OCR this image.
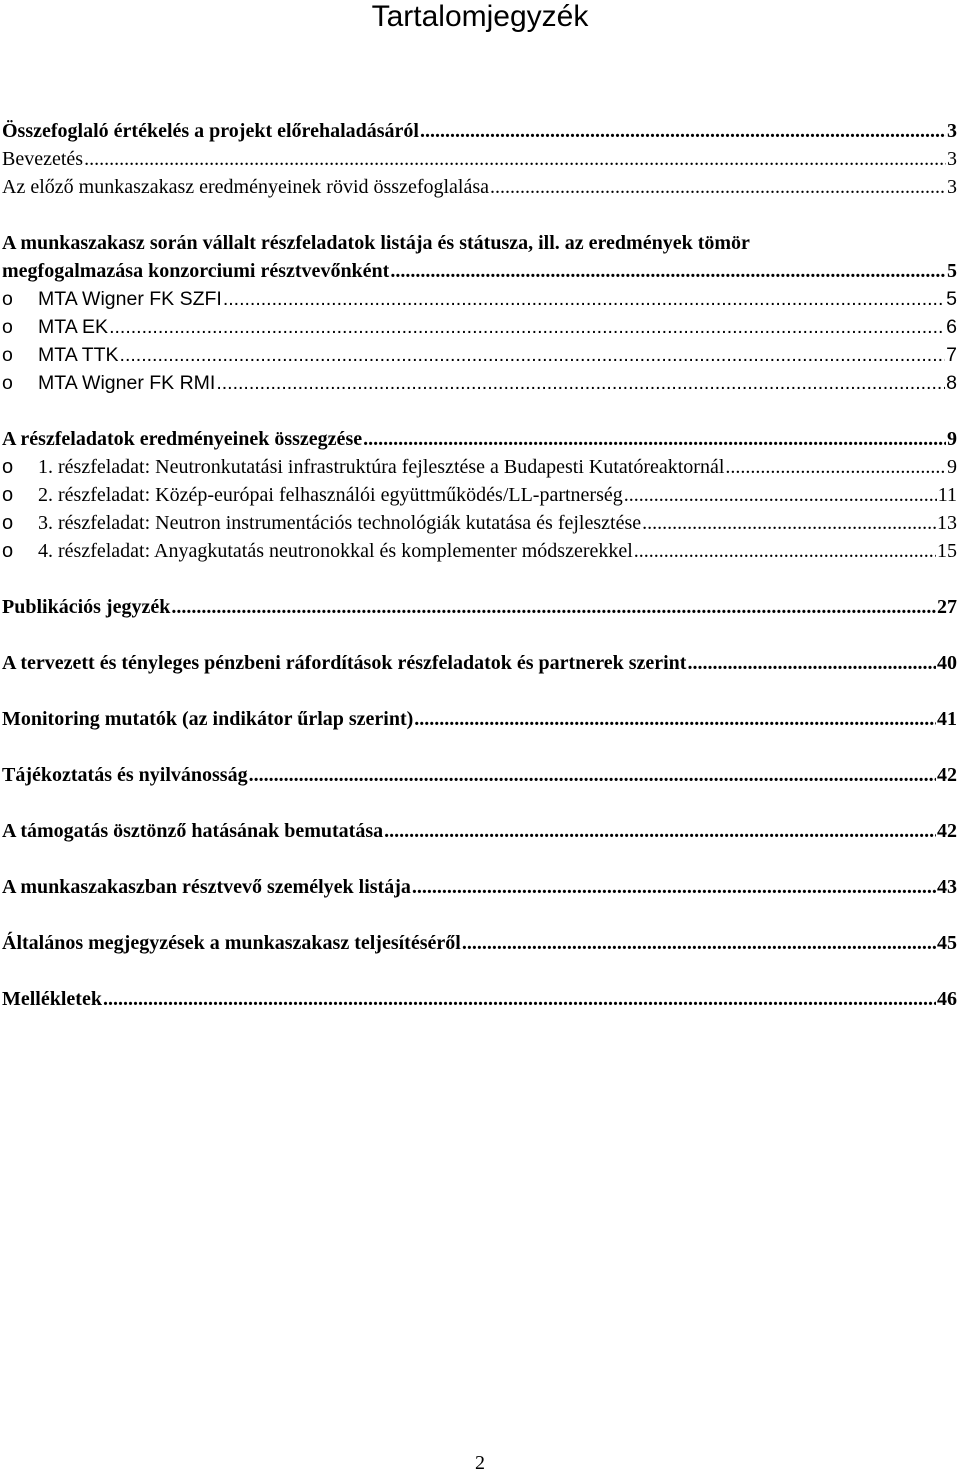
Tartalomjegyzék
Összefoglaló értékelés a projekt előrehaladásáról .....	3
Bevezetés .....	3
Az előző munkaszakasz eredményeinek rövid összefoglalása .....	3
A munkaszakasz során vállalt részfeladatok listája és státusza, ill. az eredmények tömör
megfogalmazása konzorciumi résztvevőnként .....	5
o	MTA Wigner FK SZFI .....	5
o	MTA EK .....	6
o	MTA TTK .....	7
o	MTA Wigner FK RMI .....	8
A részfeladatok eredményeinek összegzése .....	9
o	1. részfeladat: Neutronkutatási infrastruktúra fejlesztése a Budapesti Kutatóreaktornál .....	9
o	2. részfeladat: Közép-európai felhasználói együttműködés/LL-partnerség .....	11
o	3. részfeladat: Neutron instrumentációs technológiák kutatása és fejlesztése .....	13
o	4. részfeladat: Anyagkutatás neutronokkal és komplementer módszerekkel .....	15
Publikációs jegyzék .....	27
A tervezett és tényleges pénzbeni ráfordítások részfeladatok és partnerek szerint .....	40
Monitoring mutatók (az indikátor űrlap szerint) .....	41
Tájékoztatás és nyilvánosság .....	42
A támogatás ösztönző hatásának bemutatása .....	42
A munkaszakaszban résztvevő személyek listája .....	43
Általános megjegyzések a munkaszakasz teljesítéséről .....	45
Mellékletek .....	46
2
